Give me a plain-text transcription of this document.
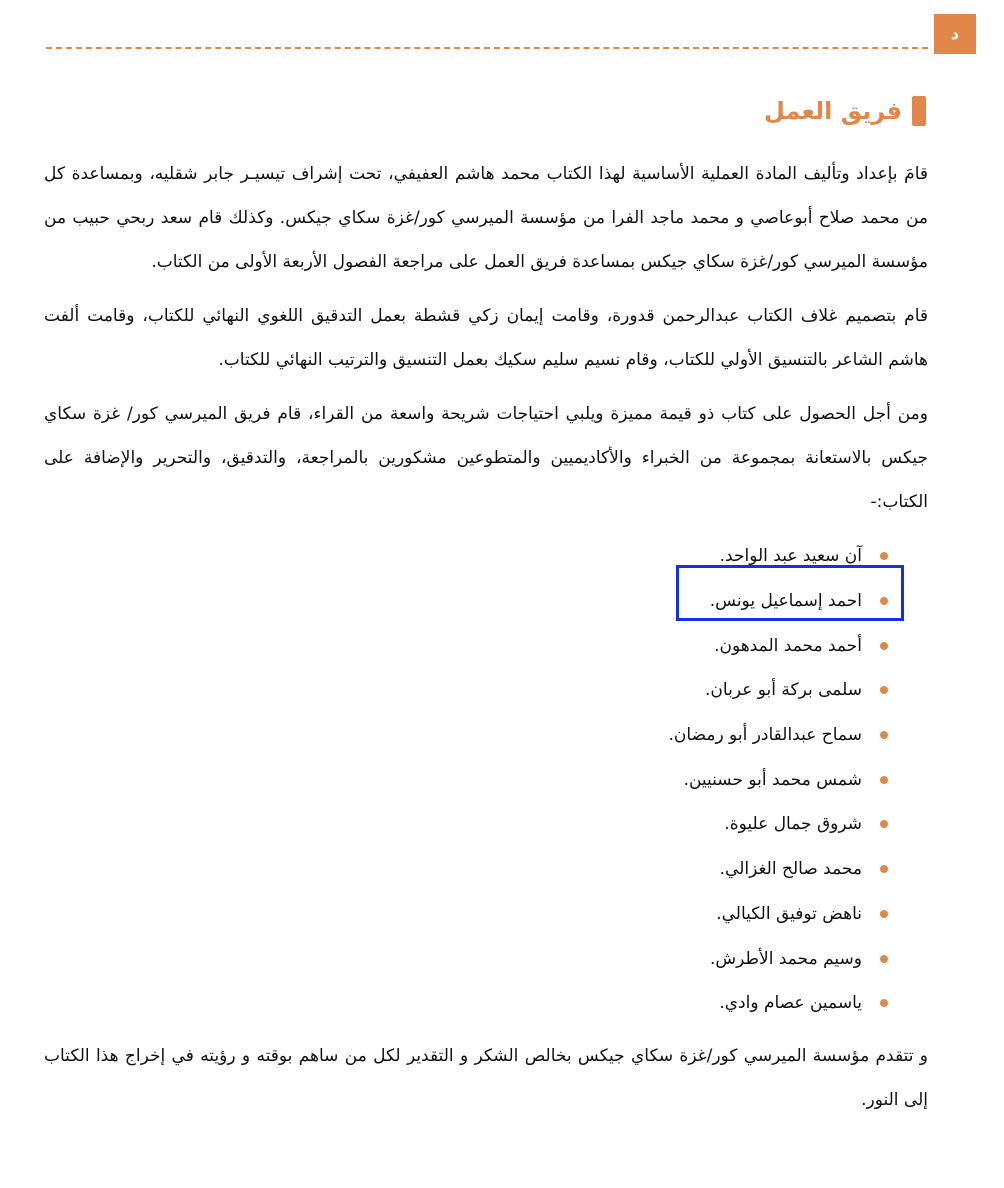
د
فريق العمل

قامَ بإعداد وتأليف المادة العملية الأساسية لهذا الكتاب محمد هاشم العفيفي، تحت إشراف تيسيـر جابر شقليه، وبمساعدة كل من محمد صلاح أبوعاصي و محمد ماجد الفرا من مؤسسة الميرسي كور/غزة سكاي جيكس. وكذلك قام سعد ربحي حبيب من مؤسسة الميرسي كور/غزة سكاي جيكس بمساعدة فريق العمل على مراجعة الفصول الأربعة الأولى من الكتاب.

قام بتصميم غلاف الكتاب عبدالرحمن قدورة، وقامت إيمان زكي قشطة بعمل التدقيق اللغوي النهائي للكتاب، وقامت ألفت هاشم الشاعر بالتنسيق الأولي للكتاب، وقام نسيم سليم سكيك بعمل التنسيق والترتيب النهائي للكتاب.

ومن أجل الحصول على كتاب ذو قيمة مميزة ويلبي احتياجات شريحة واسعة من القراء، قام فريق الميرسي كور/ غزة سكاي جيكس بالاستعانة بمجموعة من الخبراء والأكاديميين والمتطوعين مشكورين بالمراجعة، والتدقيق، والتحرير والإضافة على الكتاب:-

آن سعيد عبد الواحد.
احمد إسماعيل يونس.
أحمد محمد المدهون.
سلمى بركة أبو عربان.
سماح عبدالقادر أبو رمضان.
شمس محمد أبو حسنيين.
شروق جمال عليوة.
محمد صالح الغزالي.
ناهض توفيق الكيالي.
وسيم محمد الأطرش.
ياسمين عصام وادي.

و تتقدم مؤسسة الميرسي كور/غزة سكاي جيكس بخالص الشكر و التقدير لكل من ساهم بوقته و رؤيته في إخراج هذا الكتاب إلى النور.
